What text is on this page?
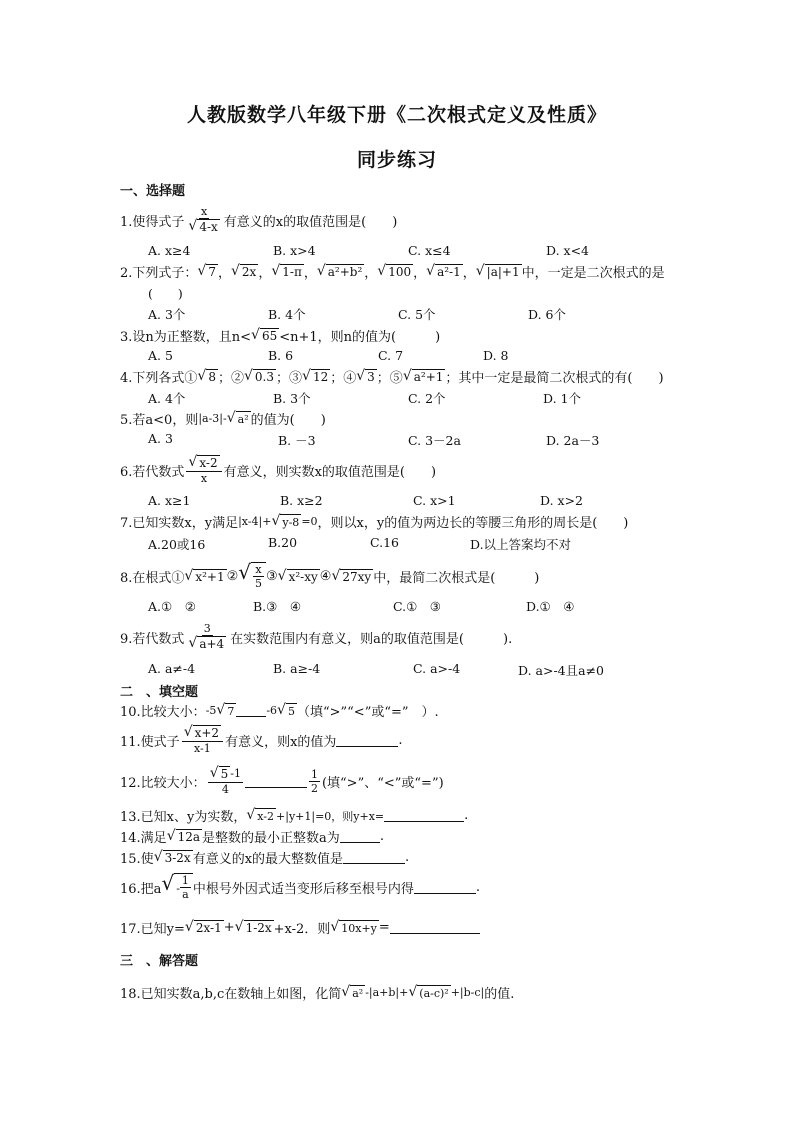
人教版数学八年级下册《二次根式定义及性质》
同步练习
一、选择题
1.使得式子 $\frac{x}{√ 4-x}$ 有意义的x的取值范围是(　　)
A. x≥4	B. x>4	C. x≤4	D. x<4
2.下列式子： √ 7 ， √ 2x ， √ 1-π ， √ a²+b² ， √ 100 ， √ a²-1 ， √ |a|+1 中，一定是二次根式的是
(　　)
A. 3个	B. 4个	C. 5个	D. 6个
3.设n为正整数，且n< √ 65 <n+1，则n的值为(　　　)
A. 5	B. 6	C. 7	D. 8
4.下列各式① √ 8 ；② √ 0.3 ；③ √ 12 ；④ √ 3 ；⑤ √ a²+1 ；其中一定是最简二次根式的有(　　)
A. 4个	B. 3个	C. 2个	D. 1个
5.若a<0，则 |a-3|- √ a² 的值为(　　)
A. 3	B. －3	C. 3－2a	D. 2a－3
6.若代数式 $\frac{√ x-2}{x}$ 有意义，则实数x的取值范围是(　　)
A. x≥1	B. x≥2	C. x>1	D. x>2
7.已知实数x，y满足 |x-4|+ √ y-8 =0 ，则以x，y的值为两边长的等腰三角形的周长是(　　)
A.20或16	B.20	C.16	D.以上答案均不对
8.在根式① √ x²+1 ② √ $\frac{x}{5}$ ③ √ x²-xy ④ √ 27xy 中，最简二次根式是(　　　)
A.①　②	B.③　④	C.①　③	D.①　④
9.若代数式 $\frac{3}{√ a+4}$ 在实数范围内有意义，则a的取值范围是(　　　).
A. a≠-4	B. a≥-4	C. a>-4	D. a>-4且a≠0
二　、填空题
10.比较大小： -5 √ 7	-6 √ 5 （填“>”“<”或“=”　）.
11.使式子 $\frac{√ x+2}{x-1}$ 有意义，则x的值为	.
12.比较大小： $\frac{√ 5 -1}{4}$	$\frac{1}{2}$ (填“>”、“<”或“=”)
13.已知x、y为实数， √ x-2 +|y+1|=0，则y+x=	.
14.满足 √ 12a 是整数的最小正整数a为	.
15.使 √ 3-2x 有意义的x的最大整数值是	.
16.把a √ - $\frac{1}{a}$ 中根号外因式适当变形后移至根号内得	.
17.已知y= √ 2x-1 + √ 1-2x +x-2．则 √ 10x+y =
三　、解答题
18.已知实数a,b,c在数轴上如图，化简 √ a² -|a+b|+ √ (a-c)² +|b-c| 的值.
